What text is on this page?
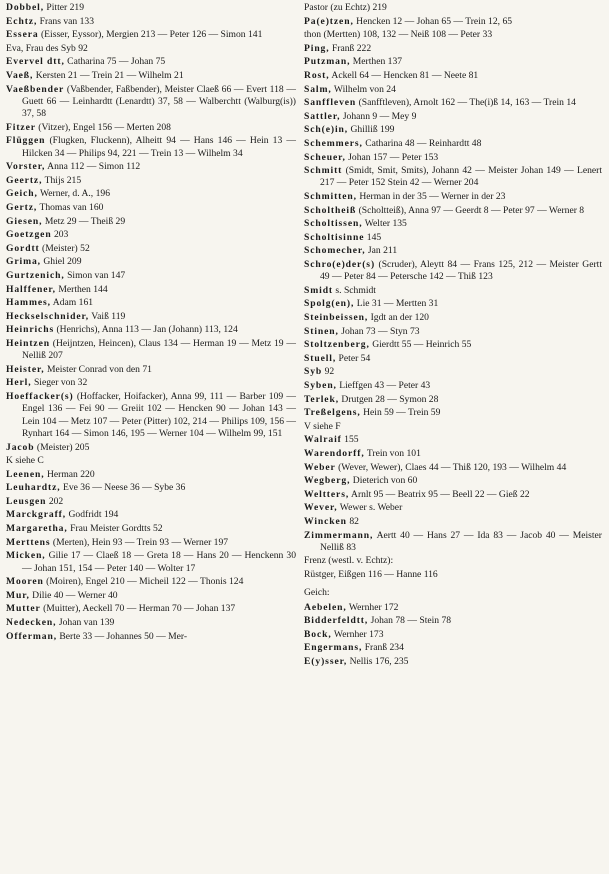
Dobbel, Pitter 219
Echtz, Frans van 133
Essera (Eisser, Eyssor), Mergien 213 — Peter 126 — Simon 141
Eva, Frau des Syb 92
Evervel dtt, Catharina 75 — Johan 75
Vaeß, Kersten 21 — Trein 21 — Wilhelm 21
Vaeßbender (Vaßbender, Faßbender), Meister Claeß 66 — Evert 118 — Guett 66 — Leinhardtt (Lenardtt) 37, 58 — Walberchtt (Walburg(is)) 37, 58
Fitzer (Vitzer), Engel 156 — Merten 208
Flüggen (Flugken, Fluckenn), Alheitt 94 — Hans 146 — Hein 13 — Hilcken 34 — Philips 94, 221 — Trein 13 — Wilhelm 34
Vorster, Anna 112 — Simon 112
Geertz, Thijs 215
Geich, Werner, d. A., 196
Gertz, Thomas van 160
Giesen, Metz 29 — Theiß 29
Goetzgen 203
Gordtt (Meister) 52
Grima, Ghiel 209
Gurtzenich, Simon van 147
Halffener, Merthen 144
Hammes, Adam 161
Heckselschnider, Vaiß 119
Heinrichs (Henrichs), Anna 113 — Jan (Johann) 113, 124
Heintzen (Heijntzen, Heincen), Claus 134 — Herman 19 — Metz 19 — Nelliß 207
Heister, Meister Conrad von den 71
Herl, Sieger von 32
Hoeffacker(s) (Hoffacker, Hoifacker), Anna 99, 111 — Barber 109 — Engel 136 — Fei 90 — Greiit 102 — Hencken 90 — Johan 143 — Lein 104 — Metz 107 — Peter (Pitter) 102, 214 — Philips 109, 156 — Rynhart 164 — Simon 146, 195 — Werner 104 — Wilhelm 99, 151
Jacob (Meister) 205
K siehe C
Leenen, Herman 220
Leuhardtz, Eve 36 — Neese 36 — Sybe 36
Leusgen 202
Marckgraff, Godfridt 194
Margaretha, Frau Meister Gordtts 52
Merttens (Merten), Hein 93 — Trein 93 — Werner 197
Micken, Gilie 17 — Claeß 18 — Greta 18 — Hans 20 — Henckenn 30 — Johan 151, 154 — Peter 140 — Wolter 17
Mooren (Moiren), Engel 210 — Micheil 122 — Thonis 124
Mur, Dilie 40 — Werner 40
Mutter (Muitter), Aeckell 70 — Herman 70 — Johan 137
Nedecken, Johan van 139
Offerman, Berte 33 — Johannes 50 — Mer-
Pastor (zu Echtz) 219
Pa(e)tzen, Hencken 12 — Johan 65 — Trein 12, 65
thon (Mertten) 108, 132 — Neiß 108 — Peter 33
Ping, Franß 222
Putzman, Merthen 137
Rost, Ackell 64 — Hencken 81 — Neete 81
Salm, Wilhelm von 24
Sanffleven (Sanfftleven), Arnolt 162 — The(i)ß 14, 163 — Trein 14
Sattler, Johann 9 — Mey 9
Sch(e)in, Ghilliß 199
Schemmers, Catharina 48 — Reinhardtt 48
Scheuer, Johan 157 — Peter 153
Schmitt (Smidt, Smit, Smits), Johann 42 — Meister Johan 149 — Lenert 217 — Peter 152 Stein 42 — Werner 204
Schmitten, Herman in der 35 — Werner in der 23
Scholtheiß (Scholtteiß), Anna 97 — Geerdt 8 — Peter 97 — Werner 8
Scholtissen, Welter 135
Scholtisinne 145
Schomecher, Jan 211
Schro(e)der(s) (Scruder), Aleytt 84 — Frans 125, 212 — Meister Gertt 49 — Peter 84 — Petersche 142 — Thiß 123
Smidt s. Schmidt
Spolg(en), Lie 31 — Mertten 31
Steinbeissen, Igdt an der 120
Stinen, Johan 73 — Styn 73
Stoltzenberg, Gierdtt 55 — Heinrich 55
Stuell, Peter 54
Syb 92
Syben, Lieffgen 43 — Peter 43
Terlek, Drutgen 28 — Symon 28
Treßelgens, Hein 59 — Trein 59
V siehe F
Walraif 155
Warendorff, Trein von 101
Weber (Wever, Wewer), Claes 44 — Thiß 120, 193 — Wilhelm 44
Wegberg, Dieterich von 60
Weltters, Arnlt 95 — Beatrix 95 — Beell 22 — Gieß 22
Wever, Wewer s. Weber
Wincken 82
Zimmermann, Aertt 40 — Hans 27 — Ida 83 — Jacob 40 — Meister Nelliß 83
Frenz (westl. v. Echtz):
Rüstger, Eißgen 116 — Hanne 116
Geich:
Aebelen, Wernher 172
Bidderfeldtt, Johan 78 — Stein 78
Bock, Wernher 173
Engermans, Franß 234
E(y)sser, Nellis 176, 235
